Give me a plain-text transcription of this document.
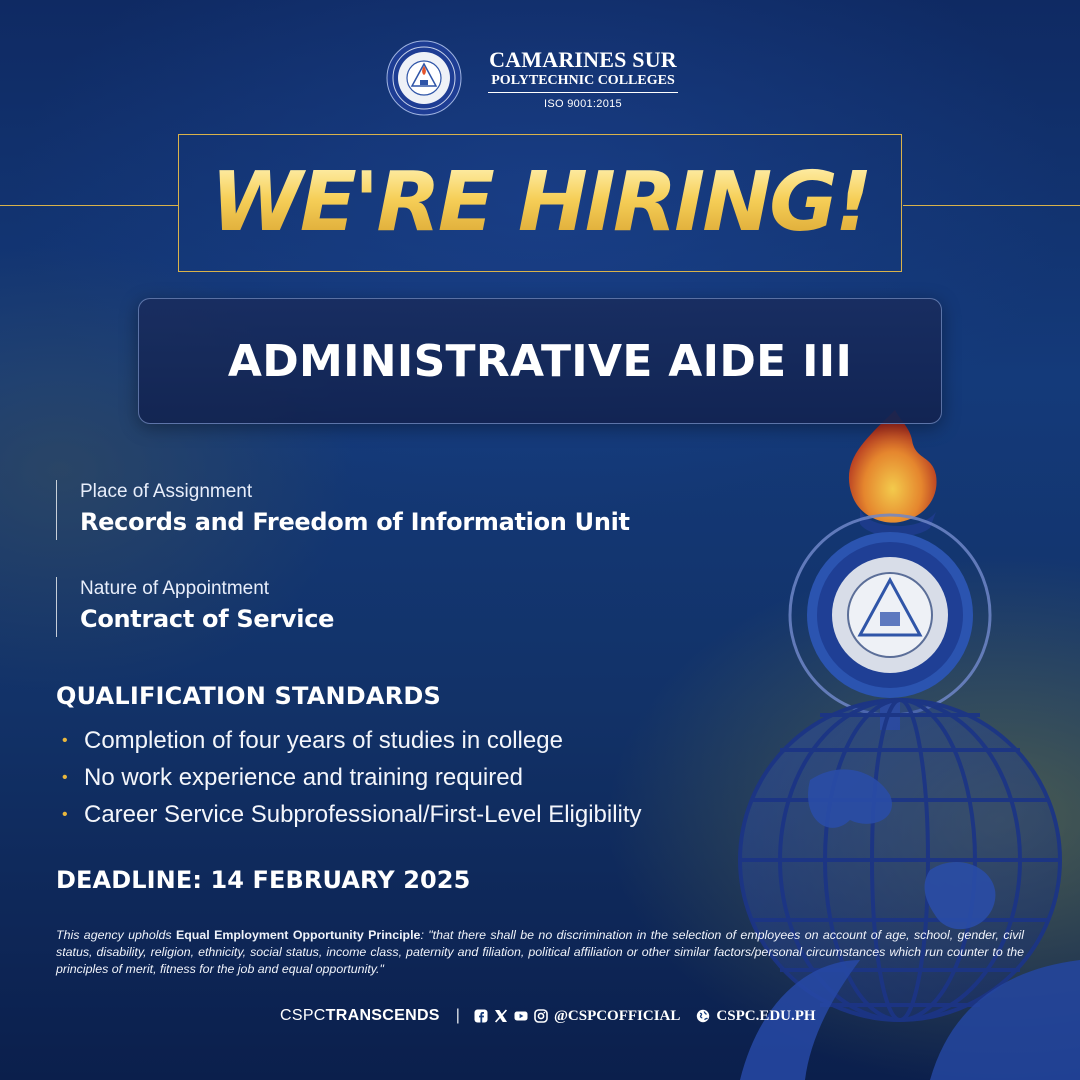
CAMARINES SUR
POLYTECHNIC COLLEGES
ISO 9001:2015
WE'RE HIRING!
ADMINISTRATIVE AIDE III
Place of Assignment
Records and Freedom of Information Unit
Nature of Appointment
Contract of Service
QUALIFICATION STANDARDS
• Completion of four years of studies in college
• No work experience and training required
• Career Service Subprofessional/First-Level Eligibility
DEADLINE: 14 FEBRUARY 2025
This agency upholds Equal Employment Opportunity Principle: "that there shall be no discrimination in the selection of employees on account of age, school, gender, civil status, disability, religion, ethnicity, social status, income class, paternity and filiation, political affiliation or other similar factors/personal circumstances which run counter to the principles of merit, fitness for the job and equal opportunity."
CSPC TRANSCENDS |	@CSPCOFFICIAL CSPC.EDU.PH
